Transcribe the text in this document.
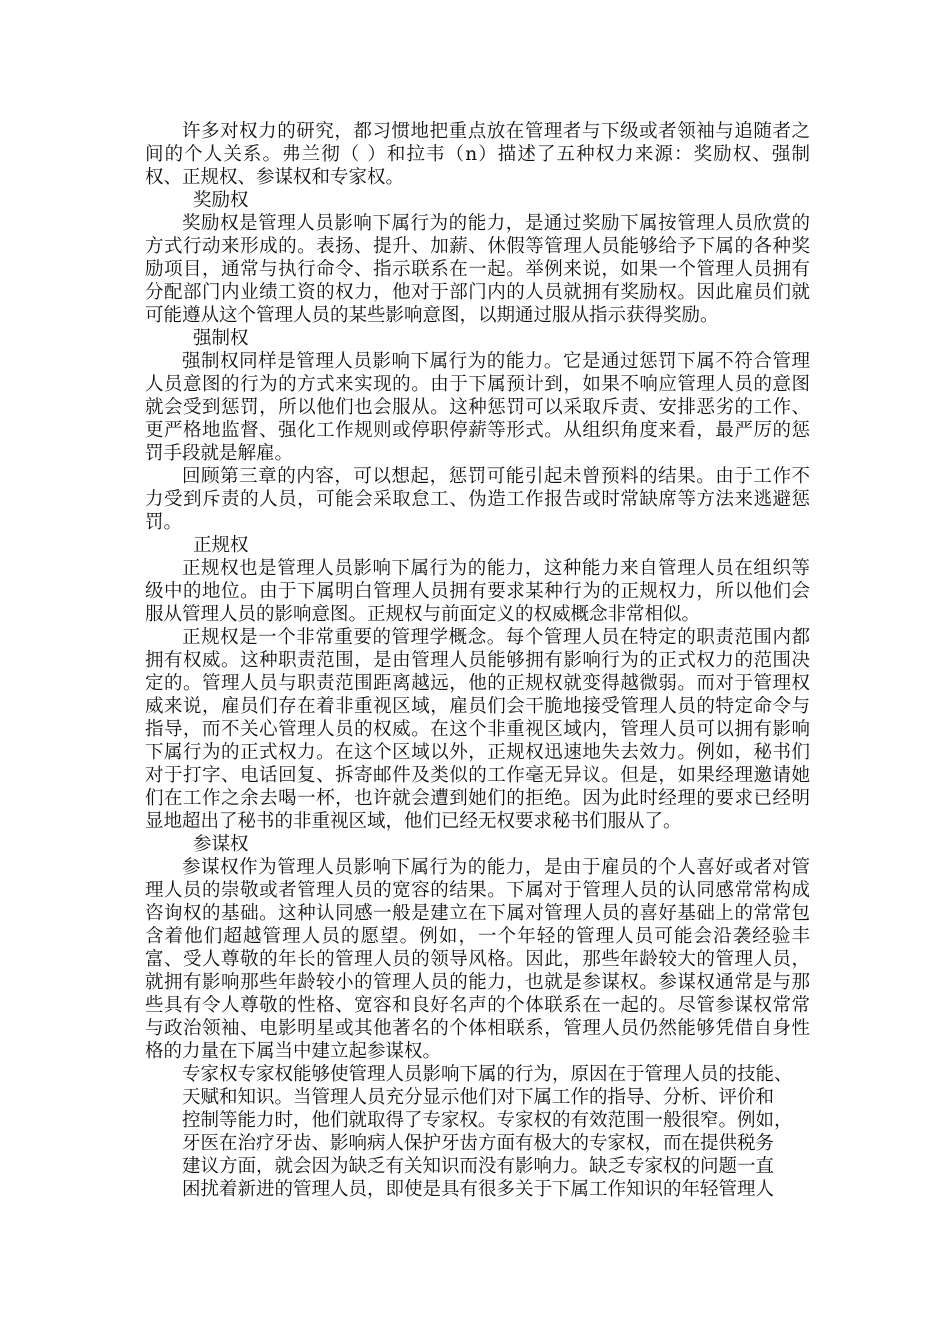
许多对权力的研究，都习惯地把重点放在管理者与下级或者领袖与追随者之间的个人关系。弗兰彻（ ）和拉韦（n）描述了五种权力来源：奖励权、强制权、正规权、参谋权和专家权。

奖励权

奖励权是管理人员影响下属行为的能力，是通过奖励下属按管理人员欣赏的方式行动来形成的。表扬、提升、加薪、休假等管理人员能够给予下属的各种奖励项目，通常与执行命令、指示联系在一起。举例来说，如果一个管理人员拥有分配部门内业绩工资的权力，他对于部门内的人员就拥有奖励权。因此雇员们就可能遵从这个管理人员的某些影响意图，以期通过服从指示获得奖励。

强制权

强制权同样是管理人员影响下属行为的能力。它是通过惩罚下属不符合管理人员意图的行为的方式来实现的。由于下属预计到，如果不响应管理人员的意图就会受到惩罚，所以他们也会服从。这种惩罚可以采取斥责、安排恶劣的工作、更严格地监督、强化工作规则或停职停薪等形式。从组织角度来看，最严厉的惩罚手段就是解雇。

回顾第三章的内容，可以想起，惩罚可能引起未曾预料的结果。由于工作不力受到斥责的人员，可能会采取怠工、伪造工作报告或时常缺席等方法来逃避惩罚。

正规权

正规权也是管理人员影响下属行为的能力，这种能力来自管理人员在组织等级中的地位。由于下属明白管理人员拥有要求某种行为的正规权力，所以他们会服从管理人员的影响意图。正规权与前面定义的权威概念非常相似。

正规权是一个非常重要的管理学概念。每个管理人员在特定的职责范围内都拥有权威。这种职责范围，是由管理人员能够拥有影响行为的正式权力的范围决定的。管理人员与职责范围距离越远，他的正规权就变得越微弱。而对于管理权威来说，雇员们存在着非重视区域，雇员们会干脆地接受管理人员的特定命令与指导，而不关心管理人员的权威。在这个非重视区域内，管理人员可以拥有影响下属行为的正式权力。在这个区域以外，正规权迅速地失去效力。例如，秘书们对于打字、电话回复、拆寄邮件及类似的工作毫无异议。但是，如果经理邀请她们在工作之余去喝一杯，也许就会遭到她们的拒绝。因为此时经理的要求已经明显地超出了秘书的非重视区域，他们已经无权要求秘书们服从了。

参谋权

参谋权作为管理人员影响下属行为的能力，是由于雇员的个人喜好或者对管理人员的崇敬或者管理人员的宽容的结果。下属对于管理人员的认同感常常构成咨询权的基础。这种认同感一般是建立在下属对管理人员的喜好基础上的常常包含着他们超越管理人员的愿望。例如，一个年轻的管理人员可能会沿袭经验丰富、受人尊敬的年长的管理人员的领导风格。因此，那些年龄较大的管理人员，就拥有影响那些年龄较小的管理人员的能力，也就是参谋权。参谋权通常是与那些具有令人尊敬的性格、宽容和良好名声的个体联系在一起的。尽管参谋权常常与政治领袖、电影明星或其他著名的个体相联系，管理人员仍然能够凭借自身性格的力量在下属当中建立起参谋权。

专家权专家权能够使管理人员影响下属的行为，原因在于管理人员的技能、
天赋和知识。当管理人员充分显示他们对下属工作的指导、分析、评价和
控制等能力时，他们就取得了专家权。专家权的有效范围一般很窄。例如，
牙医在治疗牙齿、影响病人保护牙齿方面有极大的专家权，而在提供税务
建议方面，就会因为缺乏有关知识而没有影响力。缺乏专家权的问题一直
困扰着新进的管理人员，即使是具有很多关于下属工作知识的年轻管理人
